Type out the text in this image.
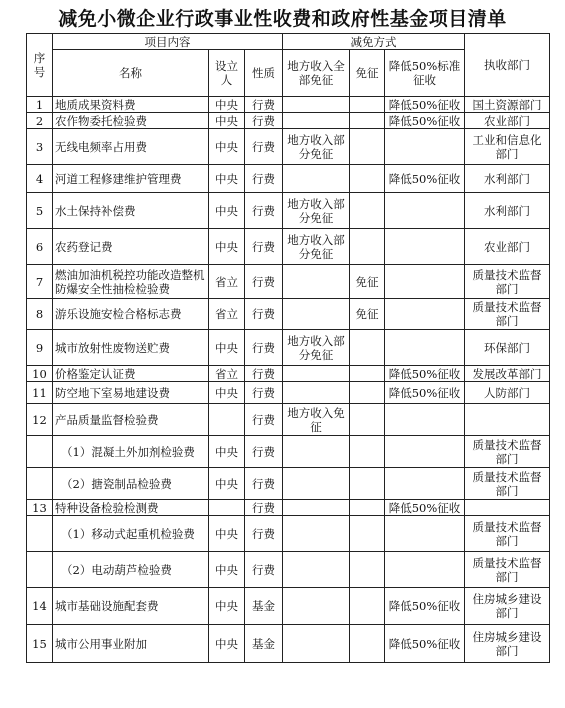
减免小微企业行政事业性收费和政府性基金项目清单
序号	项目内容			减免方式			执收部门
	名称	设立人	性质	地方收入全部免征	免征	降低50%标准征收	
1	地质成果资料费	中央	行费			降低50%征收	国土资源部门
2	农作物委托检验费	中央	行费			降低50%征收	农业部门
3	无线电频率占用费	中央	行费	地方收入部分免征			工业和信息化部门
4	河道工程修建维护管理费	中央	行费			降低50%征收	水利部门
5	水土保持补偿费	中央	行费	地方收入部分免征			水利部门
6	农药登记费	中央	行费	地方收入部分免征			农业部门
7	燃油加油机税控功能改造整机防爆安全性抽检检验费	省立	行费		免征		质量技术监督部门
8	游乐设施安检合格标志费	省立	行费		免征		质量技术监督部门
9	城市放射性废物送贮费	中央	行费	地方收入部分免征			环保部门
10	价格鉴定认证费	省立	行费			降低50%征收	发展改革部门
11	防空地下室易地建设费	中央	行费			降低50%征收	人防部门
12	产品质量监督检验费		行费	地方收入免征			
	（1）混凝土外加剂检验费	中央	行费				质量技术监督部门
	（2）搪瓷制品检验费	中央	行费				质量技术监督部门
13	特种设备检验检测费		行费			降低50%征收	
	（1）移动式起重机检验费	中央	行费				质量技术监督部门
	（2）电动葫芦检验费	中央	行费				质量技术监督部门
14	城市基础设施配套费	中央	基金			降低50%征收	住房城乡建设部门
15	城市公用事业附加	中央	基金			降低50%征收	住房城乡建设部门
